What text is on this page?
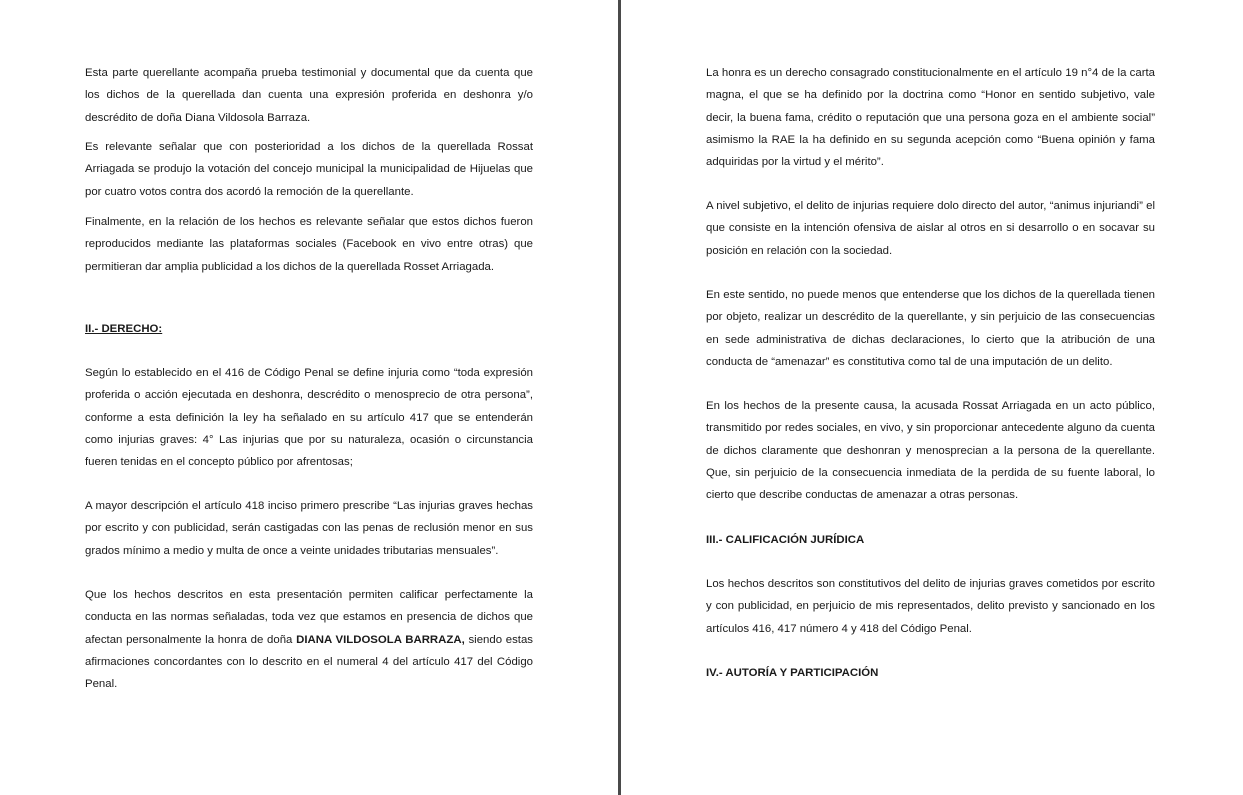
Esta parte querellante acompaña prueba testimonial y documental que da cuenta que los dichos de la querellada dan cuenta una expresión proferida en deshonra y/o descrédito de doña Diana Vildosola Barraza.

Es relevante señalar que con posterioridad a los dichos de la querellada Rossat Arriagada se produjo la votación del concejo municipal la municipalidad de Hijuelas que por cuatro votos contra dos acordó la remoción de la querellante.

Finalmente, en la relación de los hechos es relevante señalar que estos dichos fueron reproducidos mediante las plataformas sociales (Facebook en vivo entre otras) que permitieran dar amplia publicidad a los dichos de la querellada Rosset Arriagada.

II.- DERECHO:

Según lo establecido en el 416 de Código Penal se define injuria como “toda expresión proferida o acción ejecutada en deshonra, descrédito o menosprecio de otra persona”, conforme a esta definición la ley ha señalado en su artículo 417 que se entenderán como injurias graves: 4° Las injurias que por su naturaleza, ocasión o circunstancia fueren tenidas en el concepto público por afrentosas;

A mayor descripción el artículo 418 inciso primero prescribe “Las injurias graves hechas por escrito y con publicidad, serán castigadas con las penas de reclusión menor en sus grados mínimo a medio y multa de once a veinte unidades tributarias mensuales”.

Que los hechos descritos en esta presentación permiten calificar perfectamente la conducta en las normas señaladas, toda vez que estamos en presencia de dichos que afectan personalmente la honra de doña DIANA VILDOSOLA BARRAZA, siendo estas afirmaciones concordantes con lo descrito en el numeral 4 del artículo 417 del Código Penal.

La honra es un derecho consagrado constitucionalmente en el artículo 19 n°4 de la carta magna, el que se ha definido por la doctrina como “Honor en sentido subjetivo, vale decir, la buena fama, crédito o reputación que una persona goza en el ambiente social” asimismo la RAE la ha definido en su segunda acepción como “Buena opinión y fama adquiridas por la virtud y el mérito”.

A nivel subjetivo, el delito de injurias requiere dolo directo del autor, “animus injuriandi” el que consiste en la intención ofensiva de aislar al otros en si desarrollo o en socavar su posición en relación con la sociedad.

En este sentido, no puede menos que entenderse que los dichos de la querellada tienen por objeto, realizar un descrédito de la querellante, y sin perjuicio de las consecuencias en sede administrativa de dichas declaraciones, lo cierto que la atribución de una conducta de “amenazar” es constitutiva como tal de una imputación de un delito.

En los hechos de la presente causa, la acusada Rossat Arriagada en un acto público, transmitido por redes sociales, en vivo, y sin proporcionar antecedente alguno da cuenta de dichos claramente que deshonran y menosprecian a la persona de la querellante. Que, sin perjuicio de la consecuencia inmediata de la perdida de su fuente laboral, lo cierto que describe conductas de amenazar a otras personas.

III.- CALIFICACIÓN JURÍDICA

Los hechos descritos son constitutivos del delito de injurias graves cometidos por escrito y con publicidad, en perjuicio de mis representados, delito previsto y sancionado en los artículos 416, 417 número 4 y 418 del Código Penal.

IV.- AUTORÍA Y PARTICIPACIÓN
